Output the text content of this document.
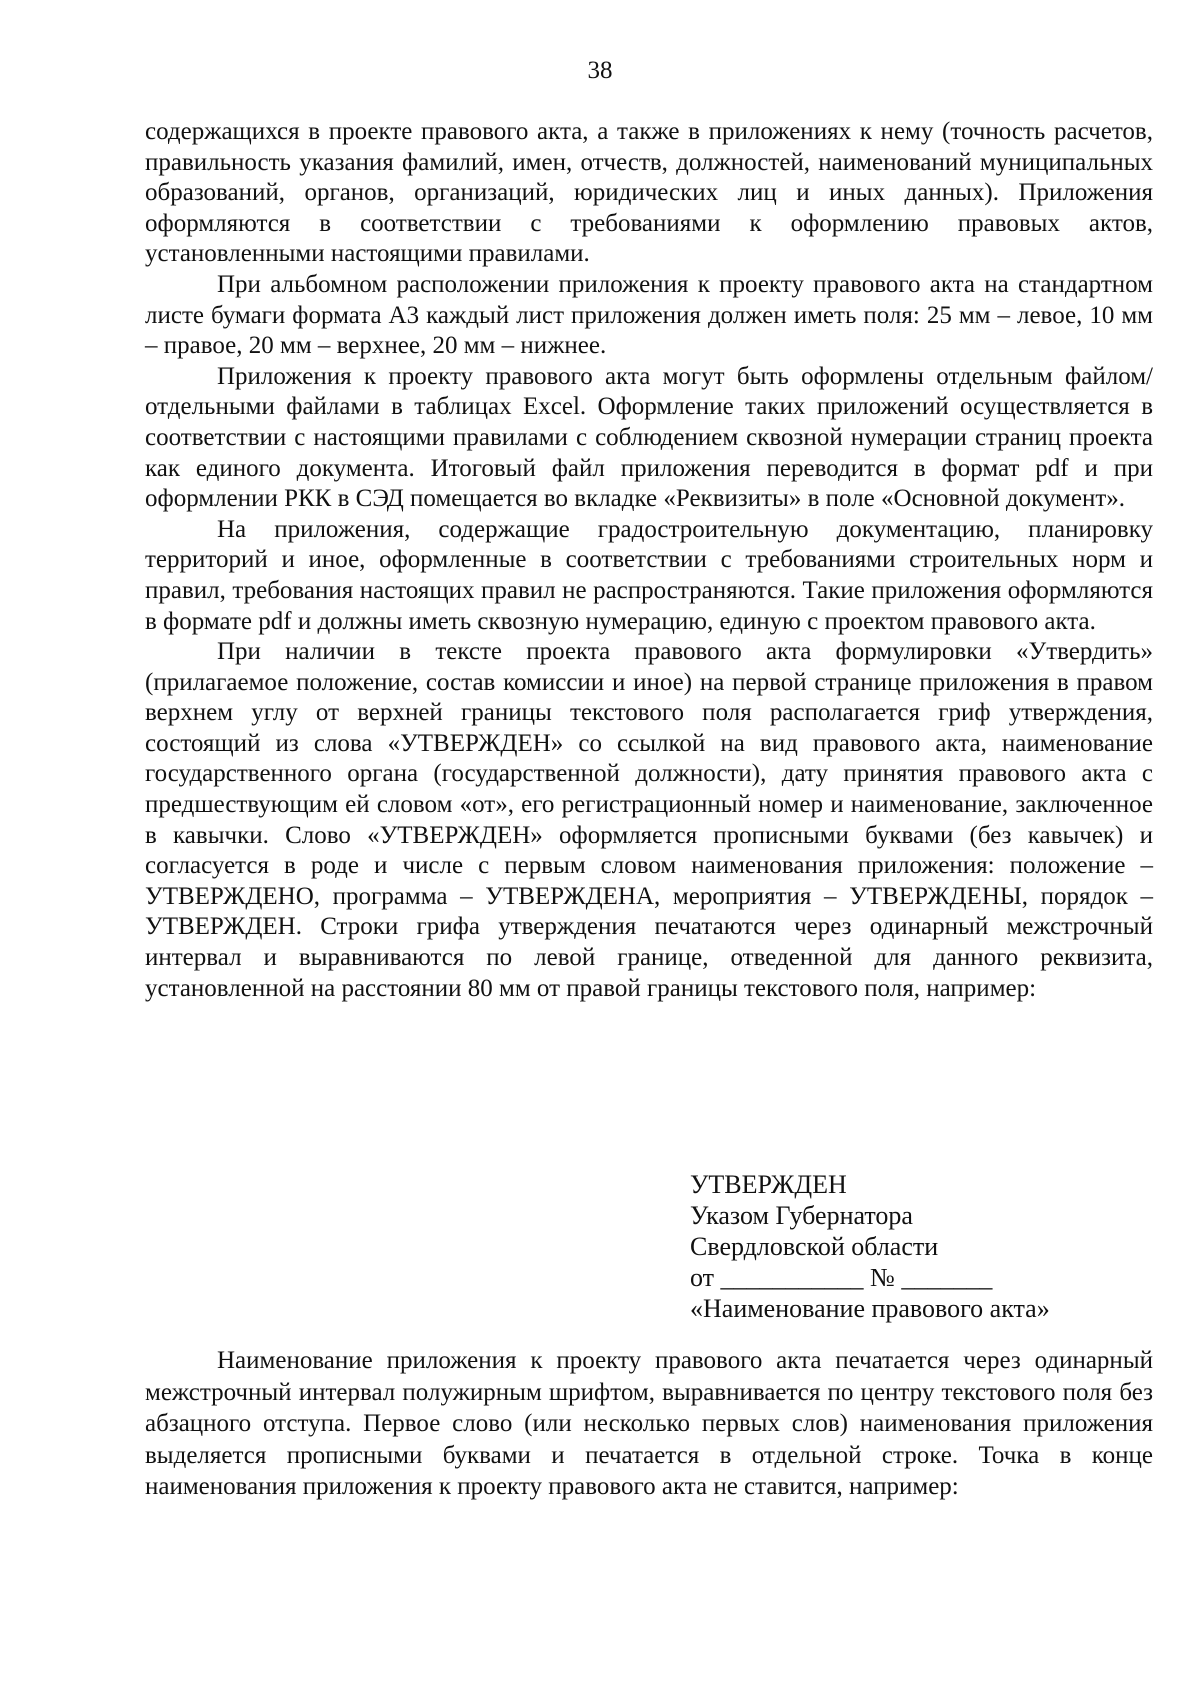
38

содержащихся в проекте правового акта, а также в приложениях к нему (точность расчетов, правильность указания фамилий, имен, отчеств, должностей, наименований муниципальных образований, органов, организаций, юридических лиц и иных данных). Приложения оформляются в соответствии с требованиями к оформлению правовых актов, установленными настоящими правилами.

При альбомном расположении приложения к проекту правового акта на стандартном листе бумаги формата А3 каждый лист приложения должен иметь поля: 25 мм – левое, 10 мм – правое, 20 мм – верхнее, 20 мм – нижнее.

Приложения к проекту правового акта могут быть оформлены отдельным файлом/отдельными файлами в таблицах Excel. Оформление таких приложений осуществляется в соответствии с настоящими правилами с соблюдением сквозной нумерации страниц проекта как единого документа. Итоговый файл приложения переводится в формат pdf и при оформлении РКК в СЭД помещается во вкладке «Реквизиты» в поле «Основной документ».

На приложения, содержащие градостроительную документацию, планировку территорий и иное, оформленные в соответствии с требованиями строительных норм и правил, требования настоящих правил не распространяются. Такие приложения оформляются в формате pdf и должны иметь сквозную нумерацию, единую с проектом правового акта.

При наличии в тексте проекта правового акта формулировки «Утвердить» (прилагаемое положение, состав комиссии и иное) на первой странице приложения в правом верхнем углу от верхней границы текстового поля располагается гриф утверждения, состоящий из слова «УТВЕРЖДЕН» со ссылкой на вид правового акта, наименование государственного органа (государственной должности), дату принятия правового акта с предшествующим ей словом «от», его регистрационный номер и наименование, заключенное в кавычки. Слово «УТВЕРЖДЕН» оформляется прописными буквами (без кавычек) и согласуется в роде и числе с первым словом наименования приложения: положение – УТВЕРЖДЕНО, программа – УТВЕРЖДЕНА, мероприятия – УТВЕРЖДЕНЫ, порядок – УТВЕРЖДЕН. Строки грифа утверждения печатаются через одинарный межстрочный интервал и выравниваются по левой границе, отведенной для данного реквизита, установленной на расстоянии 80 мм от правой границы текстового поля, например:

УТВЕРЖДЕН
Указом Губернатора
Свердловской области
от ___________ № _______
«Наименование правового акта»

Наименование приложения к проекту правового акта печатается через одинарный межстрочный интервал полужирным шрифтом, выравнивается по центру текстового поля без абзацного отступа. Первое слово (или несколько первых слов) наименования приложения выделяется прописными буквами и печатается в отдельной строке. Точка в конце наименования приложения к проекту правового акта не ставится, например:
